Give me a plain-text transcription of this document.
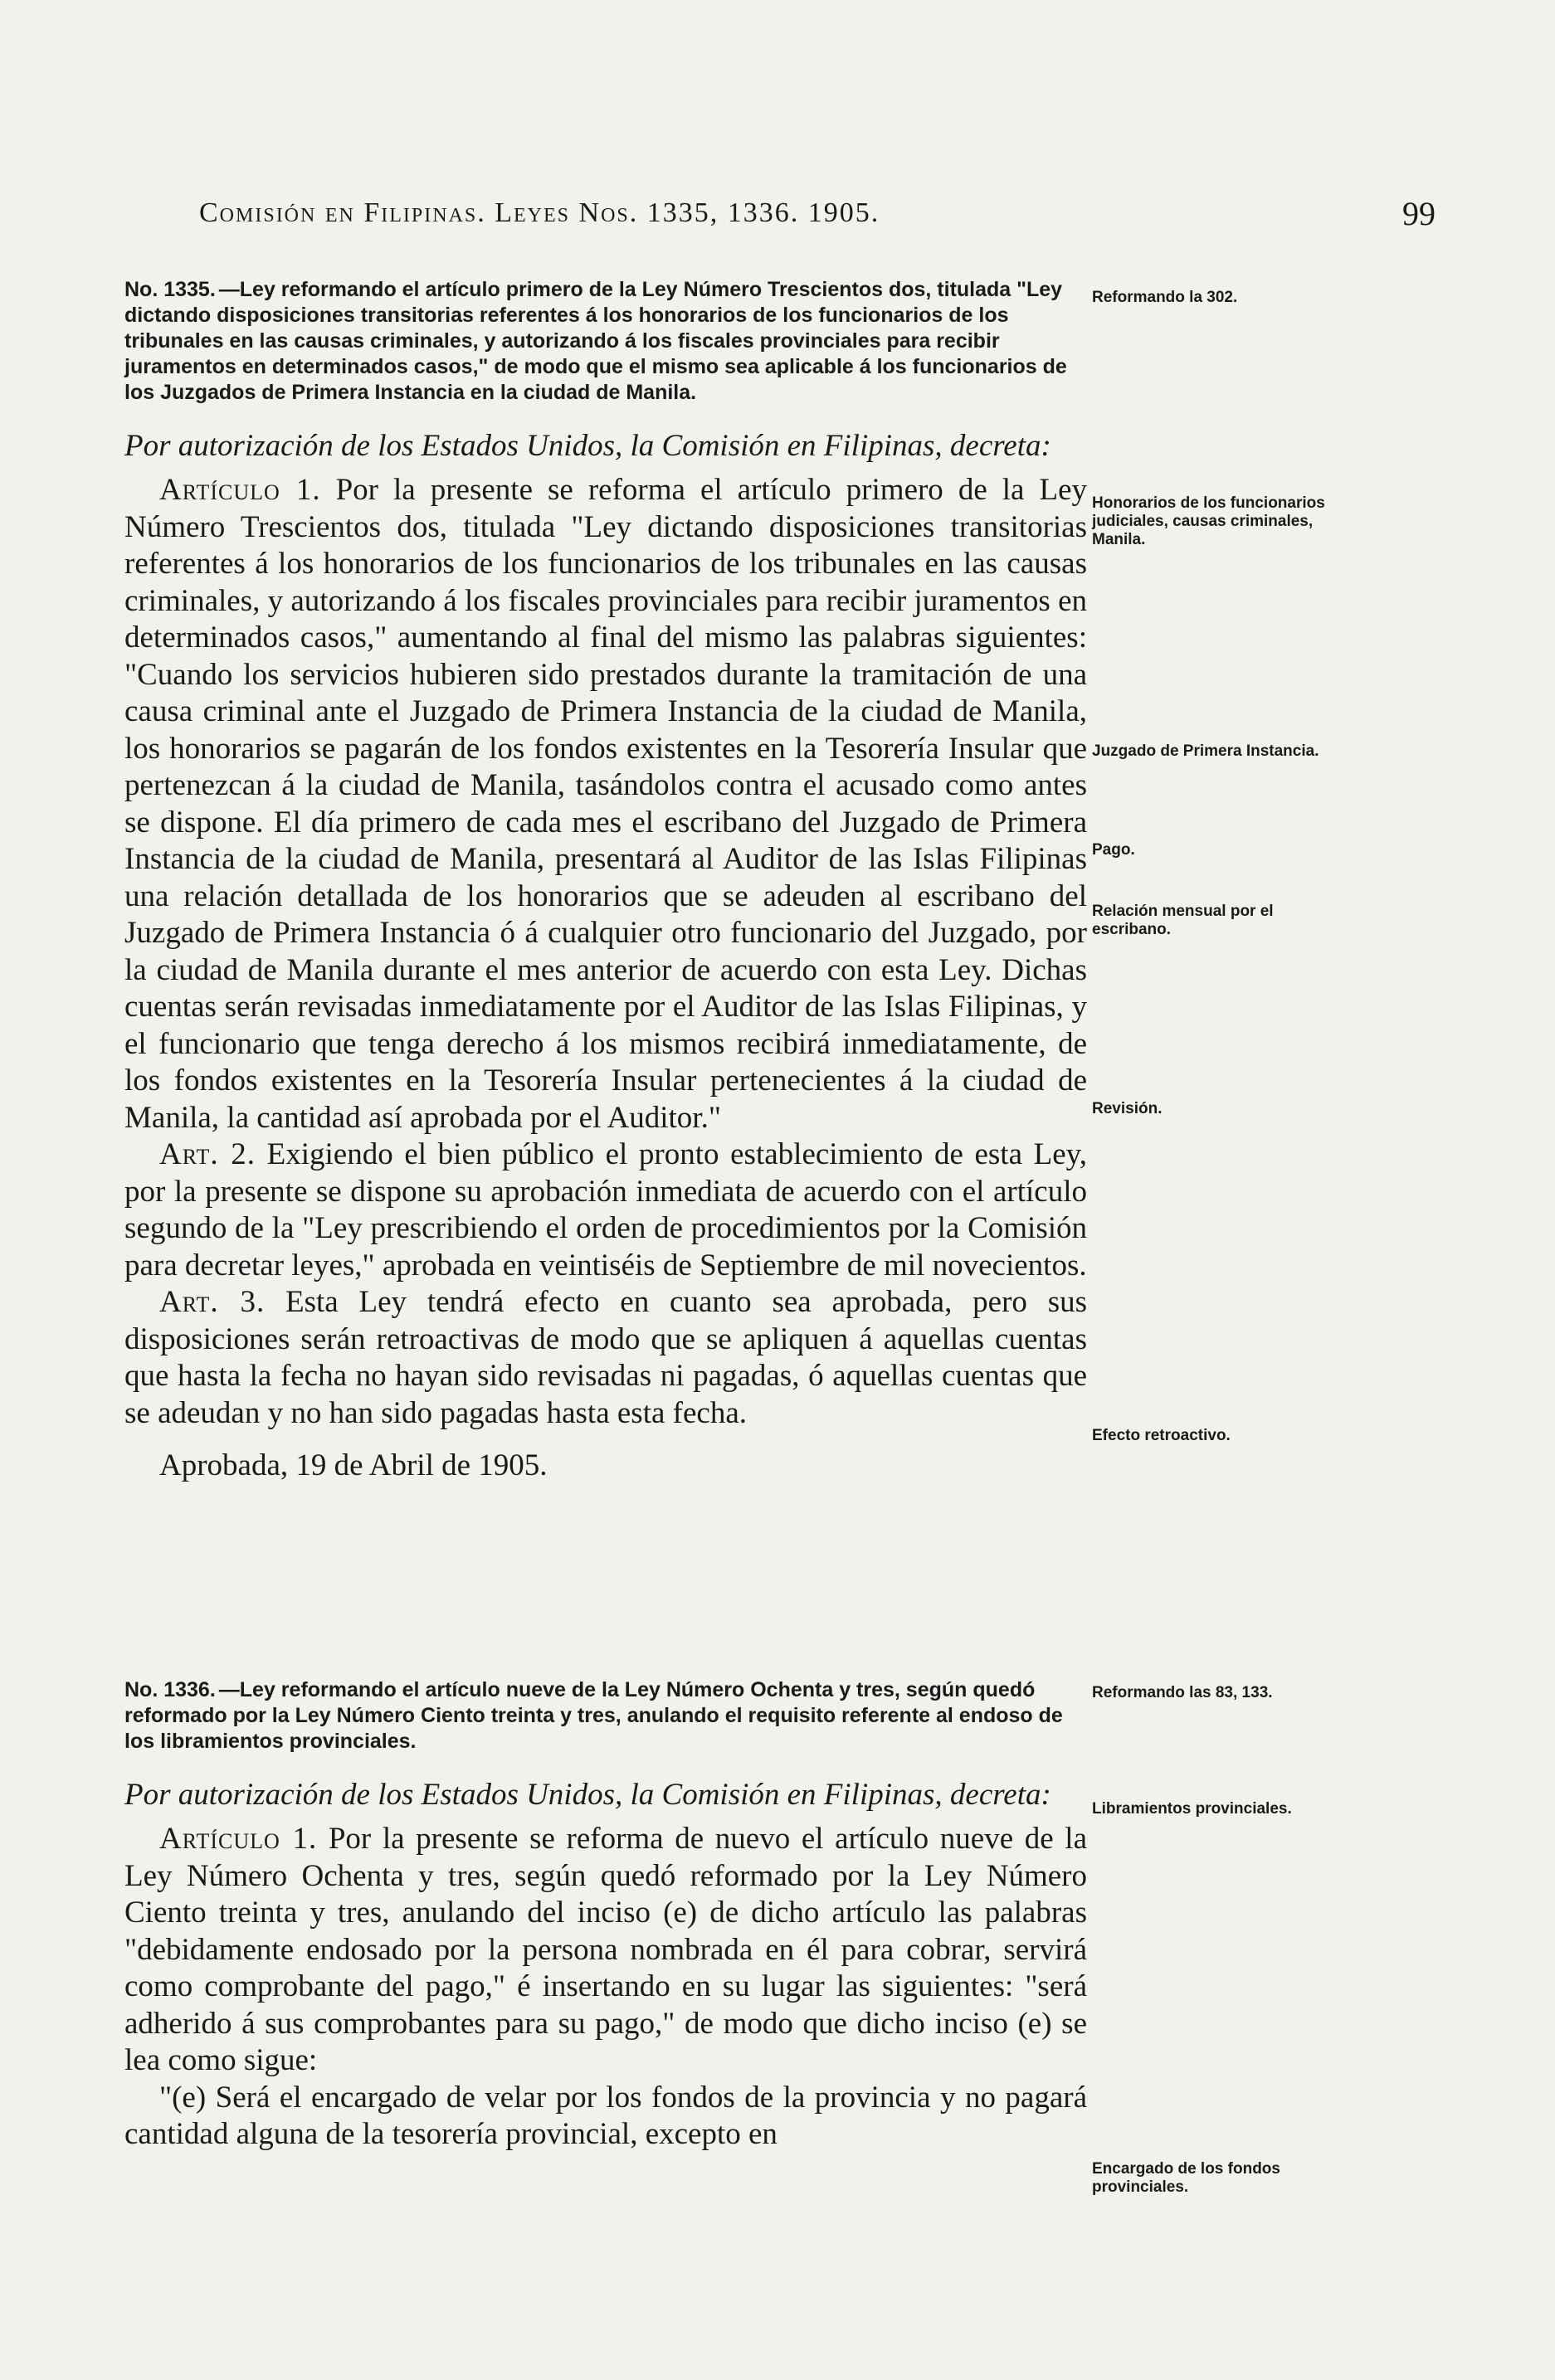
Comisión en Filipinas. Leyes Nos. 1335, 1336. 1905.	99

No. 1335. —Ley reformando el artículo primero de la Ley Número Trescientos dos, titulada "Ley dictando disposiciones transitorias referentes á los honorarios de los funcionarios de los tribunales en las causas criminales, y autorizando á los fiscales provinciales para recibir juramentos en determinados casos," de modo que el mismo sea aplicable á los funcionarios de los Juzgados de Primera Instancia en la ciudad de Manila.

Por autorización de los Estados Unidos, la Comisión en Filipinas, decreta:

Artículo 1. Por la presente se reforma el artículo primero de la Ley Número Trescientos dos, titulada "Ley dictando disposiciones transitorias referentes á los honorarios de los funcionarios de los tribunales en las causas criminales, y autorizando á los fiscales provinciales para recibir juramentos en determinados casos," aumentando al final del mismo las palabras siguientes: "Cuando los servicios hubieren sido prestados durante la tramitación de una causa criminal ante el Juzgado de Primera Instancia de la ciudad de Manila, los honorarios se pagarán de los fondos existentes en la Tesorería Insular que pertenezcan á la ciudad de Manila, tasándolos contra el acusado como antes se dispone. El día primero de cada mes el escribano del Juzgado de Primera Instancia de la ciudad de Manila, presentará al Auditor de las Islas Filipinas una relación detallada de los honorarios que se adeuden al escribano del Juzgado de Primera Instancia ó á cualquier otro funcionario del Juzgado, por la ciudad de Manila durante el mes anterior de acuerdo con esta Ley. Dichas cuentas serán revisadas inmediatamente por el Auditor de las Islas Filipinas, y el funcionario que tenga derecho á los mismos recibirá inmediatamente, de los fondos existentes en la Tesorería Insular pertenecientes á la ciudad de Manila, la cantidad así aprobada por el Auditor."

Art. 2. Exigiendo el bien público el pronto establecimiento de esta Ley, por la presente se dispone su aprobación inmediata de acuerdo con el artículo segundo de la "Ley prescribiendo el orden de procedimientos por la Comisión para decretar leyes," aprobada en veintiséis de Septiembre de mil novecientos.

Art. 3. Esta Ley tendrá efecto en cuanto sea aprobada, pero sus disposiciones serán retroactivas de modo que se apliquen á aquellas cuentas que hasta la fecha no hayan sido revisadas ni pagadas, ó aquellas cuentas que se adeudan y no han sido pagadas hasta esta fecha.

Aprobada, 19 de Abril de 1905.

No. 1336. —Ley reformando el artículo nueve de la Ley Número Ochenta y tres, según quedó reformado por la Ley Número Ciento treinta y tres, anulando el requisito referente al endoso de los libramientos provinciales.

Por autorización de los Estados Unidos, la Comisión en Filipinas, decreta:

Artículo 1. Por la presente se reforma de nuevo el artículo nueve de la Ley Número Ochenta y tres, según quedó reformado por la Ley Número Ciento treinta y tres, anulando del inciso (e) de dicho artículo las palabras "debidamente endosado por la persona nombrada en él para cobrar, servirá como comprobante del pago," é insertando en su lugar las siguientes: "será adherido á sus comprobantes para su pago," de modo que dicho inciso (e) se lea como sigue:

"(e) Será el encargado de velar por los fondos de la provincia y no pagará cantidad alguna de la tesorería provincial, excepto en

Reformando la 302.
Honorarios de los funcionarios judiciales, causas criminales, Manila.
Juzgado de Primera Instancia.
Pago.
Relación mensual por el escribano.
Revisión.
Efecto retroactivo.
Reformando las 83, 133.
Libramientos provinciales.
Encargado de los fondos provinciales.
